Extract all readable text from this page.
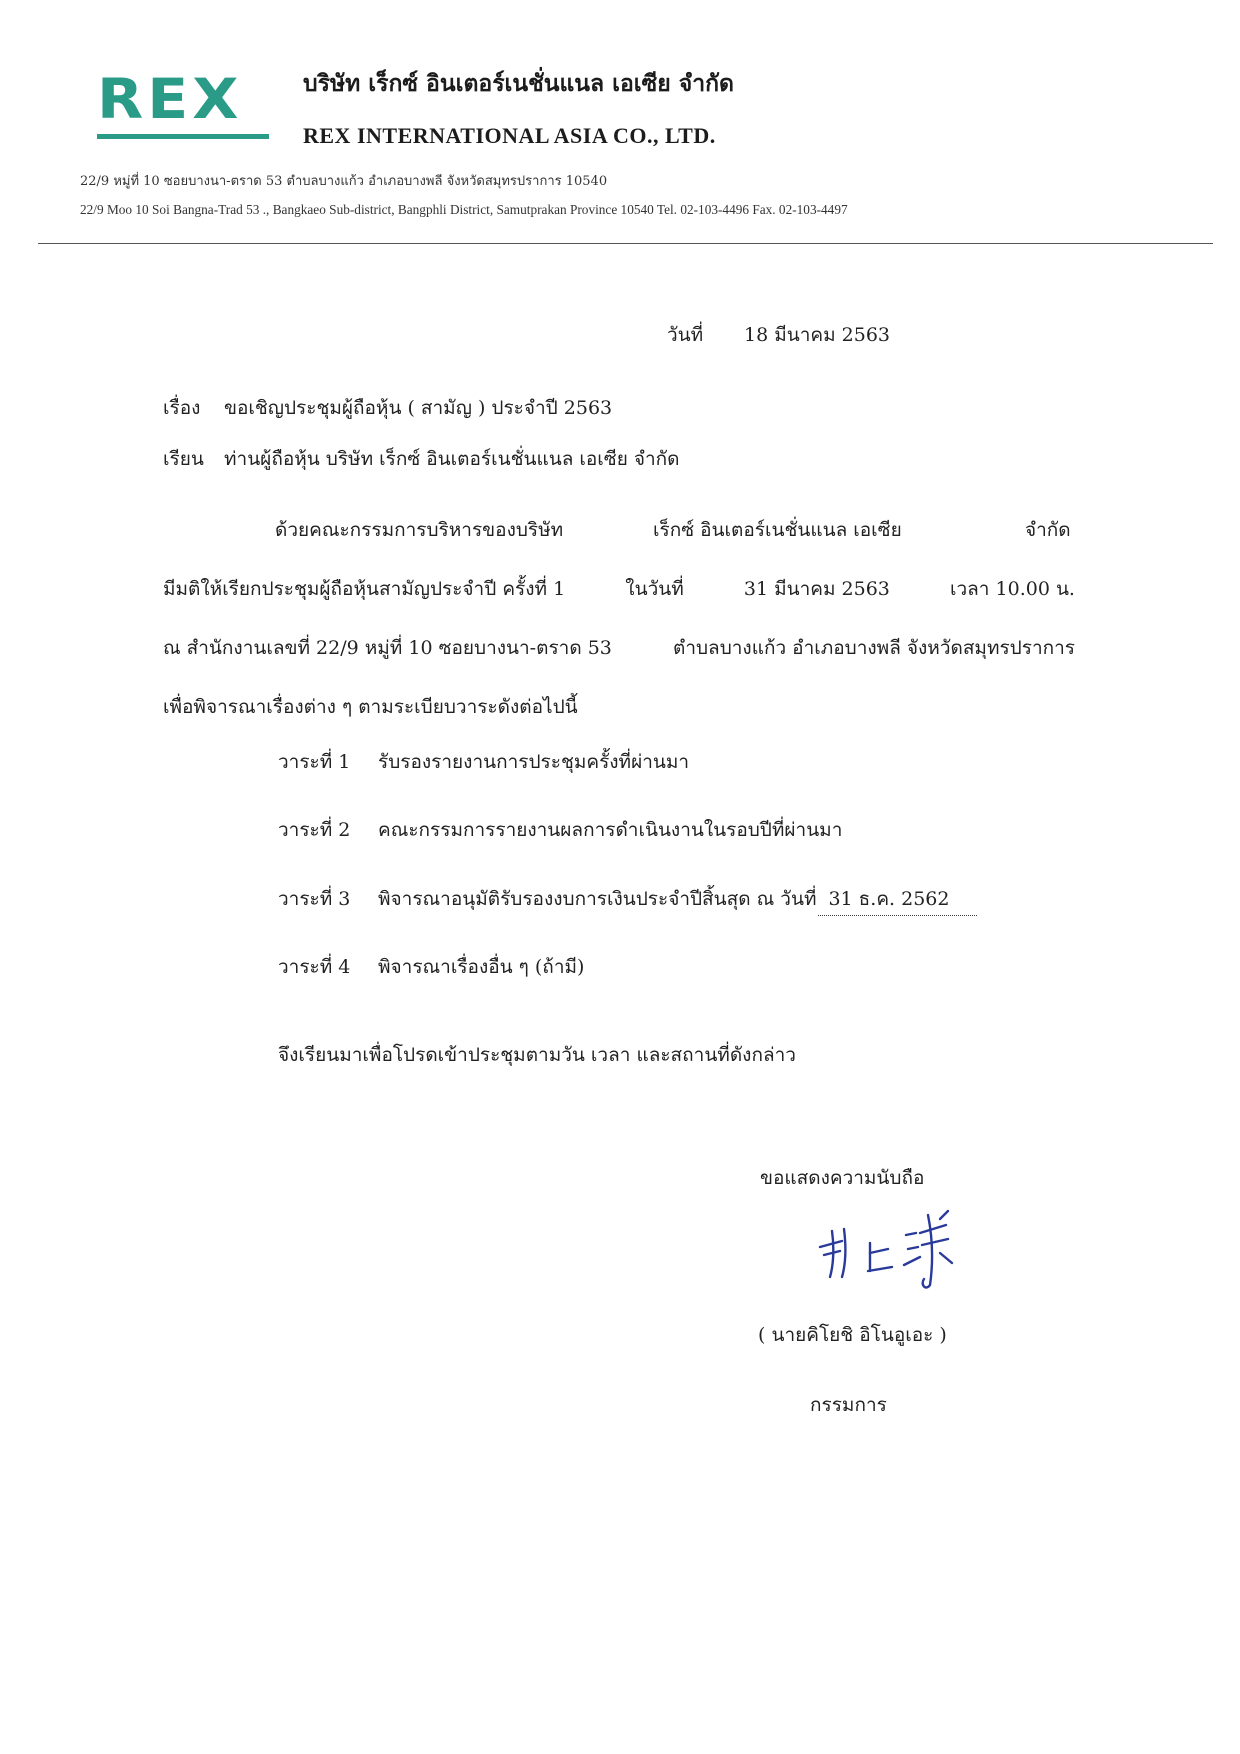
REX	บริษัท เร็กซ์ อินเตอร์เนชั่นแนล เอเซีย จำกัด
REX INTERNATIONAL ASIA CO., LTD.
22/9 หมู่ที่ 10 ซอยบางนา-ตราด 53 ตำบลบางแก้ว อำเภอบางพลี จังหวัดสมุทรปราการ 10540
22/9 Moo 10 Soi Bangna-Trad 53 ., Bangkaeo Sub-district, Bangphli District, Samutprakan Province 10540 Tel. 02-103-4496 Fax. 02-103-4497
วันที่ 18 มีนาคม 2563
เรื่อง ขอเชิญประชุมผู้ถือหุ้น ( สามัญ ) ประจำปี 2563
เรียน ท่านผู้ถือหุ้น บริษัท เร็กซ์ อินเตอร์เนชั่นแนล เอเซีย จำกัด
ด้วยคณะกรรมการบริหารของบริษัท	เร็กซ์ อินเตอร์เนชั่นแนล เอเซีย	จำกัด
มีมติให้เรียกประชุมผู้ถือหุ้นสามัญประจำปี ครั้งที่ 1	ในวันที่	31 มีนาคม 2563	เวลา 10.00 น.
ณ สำนักงานเลขที่ 22/9 หมู่ที่ 10 ซอยบางนา-ตราด 53	ตำบลบางแก้ว อำเภอบางพลี จังหวัดสมุทรปราการ
เพื่อพิจารณาเรื่องต่าง ๆ ตามระเบียบวาระดังต่อไปนี้
วาระที่ 1 รับรองรายงานการประชุมครั้งที่ผ่านมา
วาระที่ 2 คณะกรรมการรายงานผลการดำเนินงานในรอบปีที่ผ่านมา
วาระที่ 3 พิจารณาอนุมัติรับรองงบการเงินประจำปีสิ้นสุด ณ วันที่ 31 ธ.ค. 2562
วาระที่ 4 พิจารณาเรื่องอื่น ๆ (ถ้ามี)
จึงเรียนมาเพื่อโปรดเข้าประชุมตามวัน เวลา และสถานที่ดังกล่าว
ขอแสดงความนับถือ
( นายคิโยชิ อิโนอูเอะ )
กรรมการ
